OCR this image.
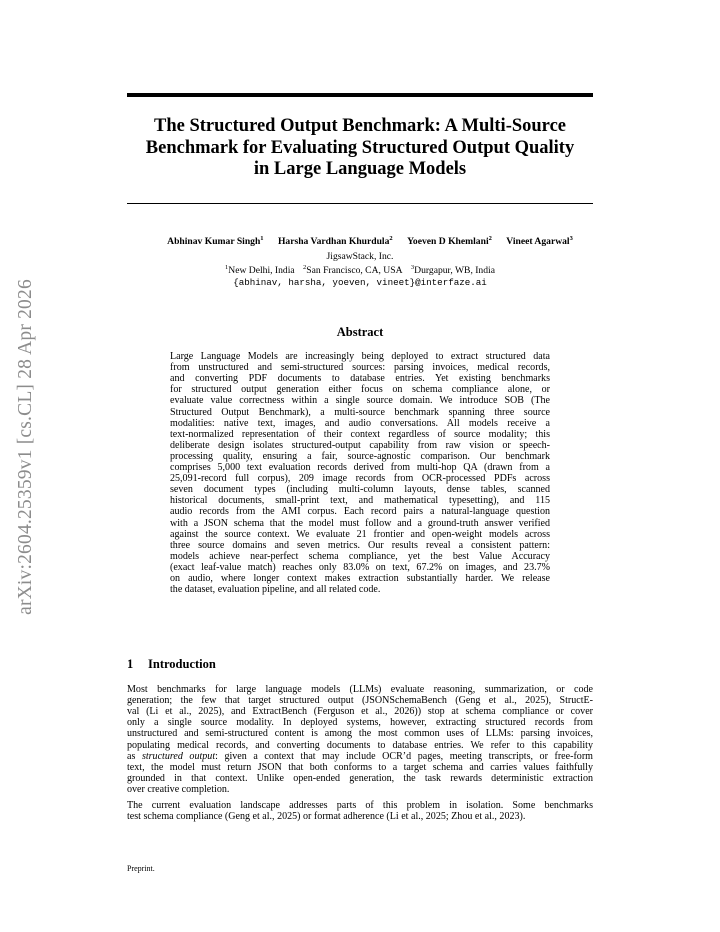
arXiv:2604.25359v1 [cs.CL] 28 Apr 2026
The Structured Output Benchmark: A Multi-Source
Benchmark for Evaluating Structured Output Quality
in Large Language Models
Abhinav Kumar Singh$^1$ Harsha Vardhan Khurdula$^2$ Yoeven D Khemlani$^2$ Vineet Agarwal$^3$
JigsawStack, Inc.
$^1$New Delhi, India $^2$San Francisco, CA, USA $^3$Durgapur, WB, India
{abhinav, harsha, yoeven, vineet}@interfaze.ai
Abstract
Large Language Models are increasingly being deployed to extract structured data
from unstructured and semi-structured sources: parsing invoices, medical records,
and converting PDF documents to database entries. Yet existing benchmarks
for structured output generation either focus on schema compliance alone, or
evaluate value correctness within a single source domain. We introduce SOB (The
Structured Output Benchmark), a multi-source benchmark spanning three source
modalities: native text, images, and audio conversations. All models receive a
text-normalized representation of their context regardless of source modality; this
deliberate design isolates structured-output capability from raw vision or speech-
processing quality, ensuring a fair, source-agnostic comparison. Our benchmark
comprises 5,000 text evaluation records derived from multi-hop QA (drawn from a
25,091-record full corpus), 209 image records from OCR-processed PDFs across
seven document types (including multi-column layouts, dense tables, scanned
historical documents, small-print text, and mathematical typesetting), and 115
audio records from the AMI corpus. Each record pairs a natural-language question
with a JSON schema that the model must follow and a ground-truth answer verified
against the source context. We evaluate 21 frontier and open-weight models across
three source domains and seven metrics. Our results reveal a consistent pattern:
models achieve near-perfect schema compliance, yet the best Value Accuracy
(exact leaf-value match) reaches only 83.0% on text, 67.2% on images, and 23.7%
on audio, where longer context makes extraction substantially harder. We release
the dataset, evaluation pipeline, and all related code.
1 Introduction
Most benchmarks for large language models (LLMs) evaluate reasoning, summarization, or code
generation; the few that target structured output (JSONSchemaBench (Geng et al., 2025), StructE-
val (Li et al., 2025), and ExtractBench (Ferguson et al., 2026)) stop at schema compliance or cover
only a single source modality. In deployed systems, however, extracting structured records from
unstructured and semi-structured content is among the most common uses of LLMs: parsing invoices,
populating medical records, and converting documents to database entries. We refer to this capability
as structured output: given a context that may include OCR’d pages, meeting transcripts, or free-form
text, the model must return JSON that both conforms to a target schema and carries values faithfully
grounded in that context. Unlike open-ended generation, the task rewards deterministic extraction
over creative completion.
The current evaluation landscape addresses parts of this problem in isolation. Some benchmarks
test schema compliance (Geng et al., 2025) or format adherence (Li et al., 2025; Zhou et al., 2023).
Preprint.
